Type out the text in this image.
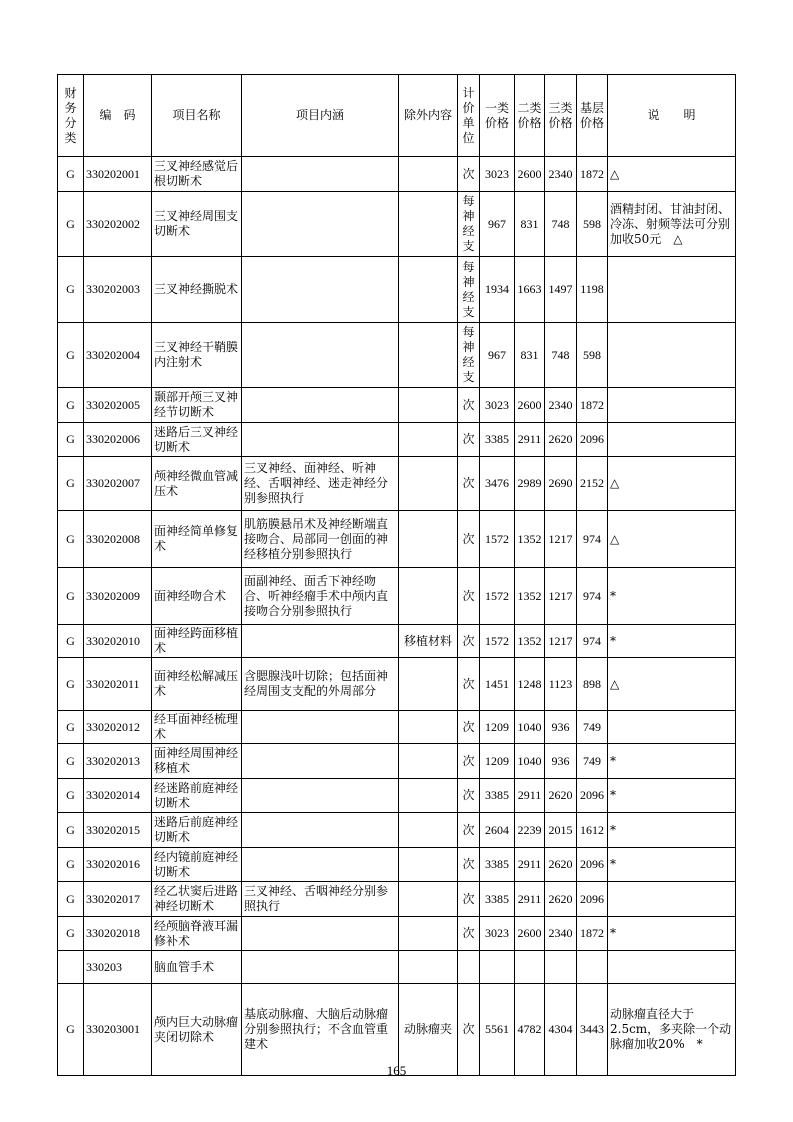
财务分类	编　码	项目名称	项目内涵	除外内容	计价单位	一类价格	二类价格	三类价格	基层价格	说　　明
G	330202001	三叉神经感觉后根切断术			次	3023	2600	2340	1872	△
G	330202002	三叉神经周围支切断术			每神经支	967	831	748	598	酒精封闭、甘油封闭、冷冻、射频等法可分别加收50元　△
G	330202003	三叉神经撕脱术			每神经支	1934	1663	1497	1198	
G	330202004	三叉神经干鞘膜内注射术			每神经支	967	831	748	598	
G	330202005	颞部开颅三叉神经节切断术			次	3023	2600	2340	1872	
G	330202006	迷路后三叉神经切断术			次	3385	2911	2620	2096	
G	330202007	颅神经微血管减压术	三叉神经、面神经、听神经、舌咽神经、迷走神经分别参照执行		次	3476	2989	2690	2152	△
G	330202008	面神经简单修复术	肌筋膜悬吊术及神经断端直接吻合、局部同一创面的神经移植分别参照执行		次	1572	1352	1217	974	△
G	330202009	面神经吻合术	面副神经、面舌下神经吻合、听神经瘤手术中颅内直接吻合分别参照执行		次	1572	1352	1217	974	*
G	330202010	面神经跨面移植术		移植材料	次	1572	1352	1217	974	*
G	330202011	面神经松解减压术	含腮腺浅叶切除；包括面神经周围支支配的外周部分		次	1451	1248	1123	898	△
G	330202012	经耳面神经梳理术			次	1209	1040	936	749	
G	330202013	面神经周围神经移植术			次	1209	1040	936	749	*
G	330202014	经迷路前庭神经切断术			次	3385	2911	2620	2096	*
G	330202015	迷路后前庭神经切断术			次	2604	2239	2015	1612	*
G	330202016	经内镜前庭神经切断术			次	3385	2911	2620	2096	*
G	330202017	经乙状窦后进路神经切断术	三叉神经、舌咽神经分别参照执行		次	3385	2911	2620	2096	
G	330202018	经颅脑脊液耳漏修补术			次	3023	2600	2340	1872	*
	330203	脑血管手术								
G	330203001	颅内巨大动脉瘤夹闭切除术	基底动脉瘤、大脑后动脉瘤分别参照执行；不含血管重建术	动脉瘤夹	次	5561	4782	4304	3443	动脉瘤直径大于2.5cm，多夹除一个动脉瘤加收20%　*
165
